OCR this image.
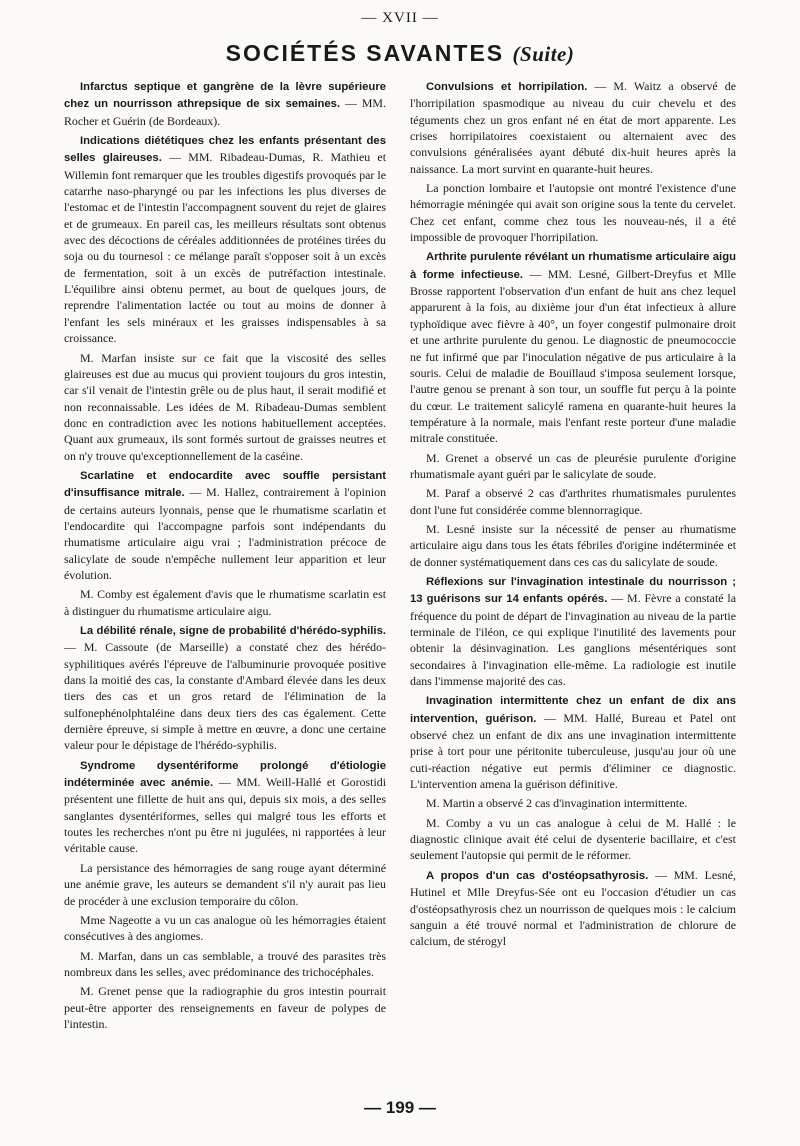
— XVII —
SOCIÉTÉS SAVANTES (Suite)

Infarctus septique et gangrène de la lèvre supérieure chez un nourrisson athrepsique de six semaines. — MM. Rocher et Guérin (de Bordeaux).

Indications diététiques chez les enfants présentant des selles glaireuses. — MM. Ribadeau-Dumas, R. Mathieu et Willemin font remarquer que les troubles digestifs provoqués par le catarrhe naso-pharyngé ou par les infections les plus diverses de l'estomac et de l'intestin l'accompagnent souvent du rejet de glaires et de grumeaux. En pareil cas, les meilleurs résultats sont obtenus avec des décoctions de céréales additionnées de protéines tirées du soja ou du tournesol : ce mélange paraît s'opposer soit à un excès de fermentation, soit à un excès de putréfaction intestinale. L'équilibre ainsi obtenu permet, au bout de quelques jours, de reprendre l'alimentation lactée ou tout au moins de donner à l'enfant les sels minéraux et les graisses indispensables à sa croissance.

M. Marfan insiste sur ce fait que la viscosité des selles glaireuses est due au mucus qui provient toujours du gros intestin, car s'il venait de l'intestin grêle ou de plus haut, il serait modifié et non reconnaissable. Les idées de M. Ribadeau-Dumas semblent donc en contradiction avec les notions habituellement acceptées. Quant aux grumeaux, ils sont formés surtout de graisses neutres et on n'y trouve qu'exceptionnellement de la caséine.

Scarlatine et endocardite avec souffle persistant d'insuffisance mitrale. — M. Hallez, contrairement à l'opinion de certains auteurs lyonnais, pense que le rhumatisme scarlatin et l'endocardite qui l'accompagne parfois sont indépendants du rhumatisme articulaire aigu vrai ; l'administration précoce de salicylate de soude n'empêche nullement leur apparition et leur évolution.

M. Comby est également d'avis que le rhumatisme scarlatin est à distinguer du rhumatisme articulaire aigu.

La débilité rénale, signe de probabilité d'hérédo-syphilis. — M. Cassoute (de Marseille) a constaté chez des hérédo-syphilitiques avérés l'épreuve de l'albuminurie provoquée positive dans la moitié des cas, la constante d'Ambard élevée dans les deux tiers des cas et un gros retard de l'élimination de la sulfonephénolphtaléine dans deux tiers des cas également. Cette dernière épreuve, si simple à mettre en œuvre, a donc une certaine valeur pour le dépistage de l'hérédo-syphilis.

Syndrome dysentériforme prolongé d'étiologie indéterminée avec anémie. — MM. Weill-Hallé et Gorostidi présentent une fillette de huit ans qui, depuis six mois, a des selles sanglantes dysentériformes, selles qui malgré tous les efforts et toutes les recherches n'ont pu être ni jugulées, ni rapportées à leur véritable cause.

La persistance des hémorragies de sang rouge ayant déterminé une anémie grave, les auteurs se demandent s'il n'y aurait pas lieu de procéder à une exclusion temporaire du côlon.

Mme Nageotte a vu un cas analogue où les hémorragies étaient consécutives à des angiomes.

M. Marfan, dans un cas semblable, a trouvé des parasites très nombreux dans les selles, avec prédominance des trichocéphales.

M. Grenet pense que la radiographie du gros intestin pourrait peut-être apporter des renseignements en faveur de polypes de l'intestin.

Convulsions et horripilation. — M. Waitz a observé de l'horripilation spasmodique au niveau du cuir chevelu et des téguments chez un gros enfant né en état de mort apparente. Les crises horripilatoires coexistaient ou alternaient avec des convulsions généralisées ayant débuté dix-huit heures après la naissance. La mort survint en quarante-huit heures.

La ponction lombaire et l'autopsie ont montré l'existence d'une hémorragie méningée qui avait son origine sous la tente du cervelet. Chez cet enfant, comme chez tous les nouveau-nés, il a été impossible de provoquer l'horripilation.

Arthrite purulente révélant un rhumatisme articulaire aigu à forme infectieuse. — MM. Lesné, Gilbert-Dreyfus et Mlle Brosse rapportent l'observation d'un enfant de huit ans chez lequel apparurent à la fois, au dixième jour d'un état infectieux à allure typhoïdique avec fièvre à 40°, un foyer congestif pulmonaire droit et une arthrite purulente du genou. Le diagnostic de pneumococcie ne fut infirmé que par l'inoculation négative de pus articulaire à la souris. Celui de maladie de Bouillaud s'imposa seulement lorsque, l'autre genou se prenant à son tour, un souffle fut perçu à la pointe du cœur. Le traitement salicylé ramena en quarante-huit heures la température à la normale, mais l'enfant reste porteur d'une maladie mitrale constituée.

M. Grenet a observé un cas de pleurésie purulente d'origine rhumatismale ayant guéri par le salicylate de soude.

M. Paraf a observé 2 cas d'arthrites rhumatismales purulentes dont l'une fut considérée comme blennorragique.

M. Lesné insiste sur la nécessité de penser au rhumatisme articulaire aigu dans tous les états fébriles d'origine indéterminée et de donner systématiquement dans ces cas du salicylate de soude.

Réflexions sur l'invagination intestinale du nourrisson ; 13 guérisons sur 14 enfants opérés. — M. Fèvre a constaté la fréquence du point de départ de l'invagination au niveau de la partie terminale de l'iléon, ce qui explique l'inutilité des lavements pour obtenir la désinvagination. Les ganglions mésentériques sont secondaires à l'invagination elle-même. La radiologie est inutile dans l'immense majorité des cas.

Invagination intermittente chez un enfant de dix ans intervention, guérison. — MM. Hallé, Bureau et Patel ont observé chez un enfant de dix ans une invagination intermittente prise à tort pour une péritonite tuberculeuse, jusqu'au jour où une cuti-réaction négative eut permis d'éliminer ce diagnostic. L'intervention amena la guérison définitive.

M. Martin a observé 2 cas d'invagination intermittente.

M. Comby a vu un cas analogue à celui de M. Hallé : le diagnostic clinique avait été celui de dysenterie bacillaire, et c'est seulement l'autopsie qui permit de le réformer.

A propos d'un cas d'ostéopsathyrosis. — MM. Lesné, Hutinel et Mlle Dreyfus-Sée ont eu l'occasion d'étudier un cas d'ostéopsathyrosis chez un nourrisson de quelques mois : le calcium sanguin a été trouvé normal et l'administration de chlorure de calcium, de stérogyl

— 199 —
